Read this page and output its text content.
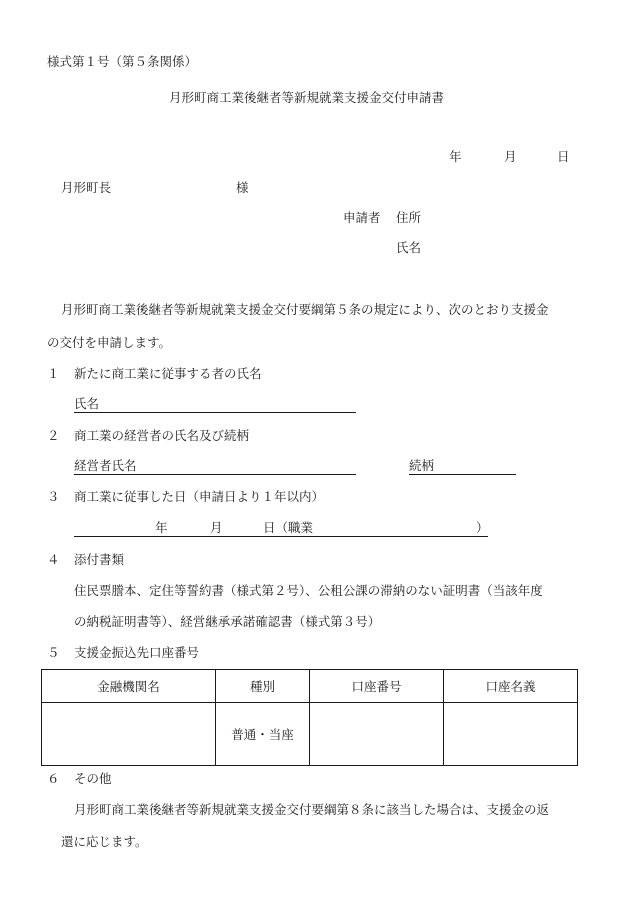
様式第１号（第５条関係）
月形町商工業後継者等新規就業支援金交付申請書
年	月	日
月形町長	様
申請者 住所
氏名
月形町商工業後継者等新規就業支援金交付要綱第５条の規定により、次のとおり支援金
の交付を申請します。
１ 新たに商工業に従事する者の氏名
氏名
２ 商工業の経営者の氏名及び続柄
経営者氏名	続柄
３ 商工業に従事した日（申請日より１年以内）
年	月	日（職業	）
４ 添付書類
住民票謄本、定住等誓約書（様式第２号）、公租公課の滞納のない証明書（当該年度
の納税証明書等）、経営継承承諾確認書（様式第３号）
５ 支援金振込先口座番号
金融機関名	種別	口座番号	口座名義
	普通・当座		
６ その他
月形町商工業後継者等新規就業支援金交付要綱第８条に該当した場合は、支援金の返
還に応じます。
